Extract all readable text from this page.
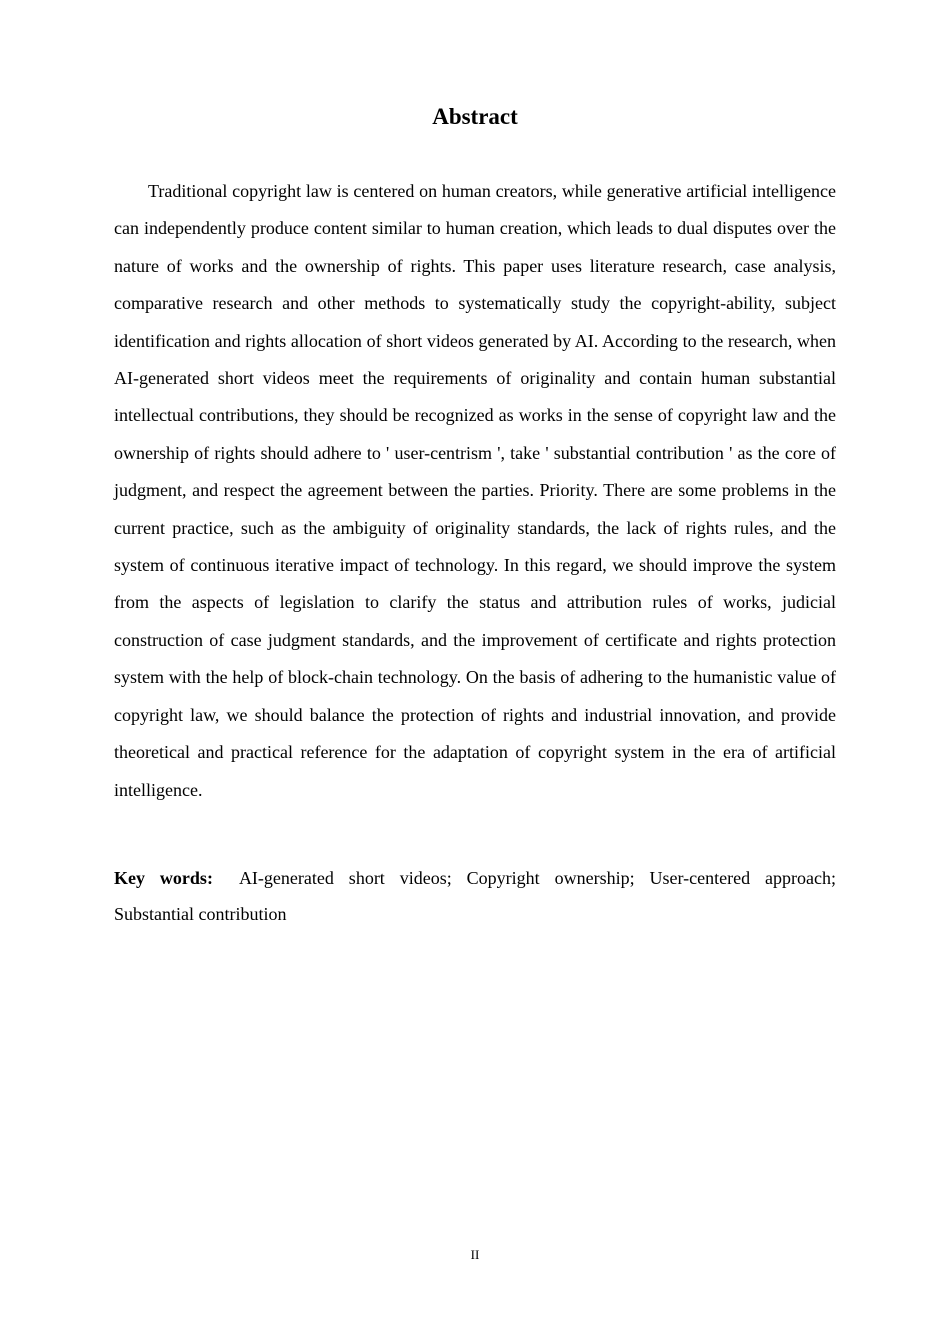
Abstract

Traditional copyright law is centered on human creators, while generative artificial intelligence can independently produce content similar to human creation, which leads to dual disputes over the nature of works and the ownership of rights. This paper uses literature research, case analysis, comparative research and other methods to systematically study the copyright-ability, subject identification and rights allocation of short videos generated by AI. According to the research, when AI-generated short videos meet the requirements of originality and contain human substantial intellectual contributions, they should be recognized as works in the sense of copyright law and the ownership of rights should adhere to ' user-centrism ', take ' substantial contribution ' as the core of judgment, and respect the agreement between the parties. Priority. There are some problems in the current practice, such as the ambiguity of originality standards, the lack of rights rules, and the system of continuous iterative impact of technology. In this regard, we should improve the system from the aspects of legislation to clarify the status and attribution rules of works, judicial construction of case judgment standards, and the improvement of certificate and rights protection system with the help of block-chain technology. On the basis of adhering to the humanistic value of copyright law, we should balance the protection of rights and industrial innovation, and provide theoretical and practical reference for the adaptation of copyright system in the era of artificial intelligence.

Key words: AI-generated short videos; Copyright ownership; User-centered approach; Substantial contribution

II
